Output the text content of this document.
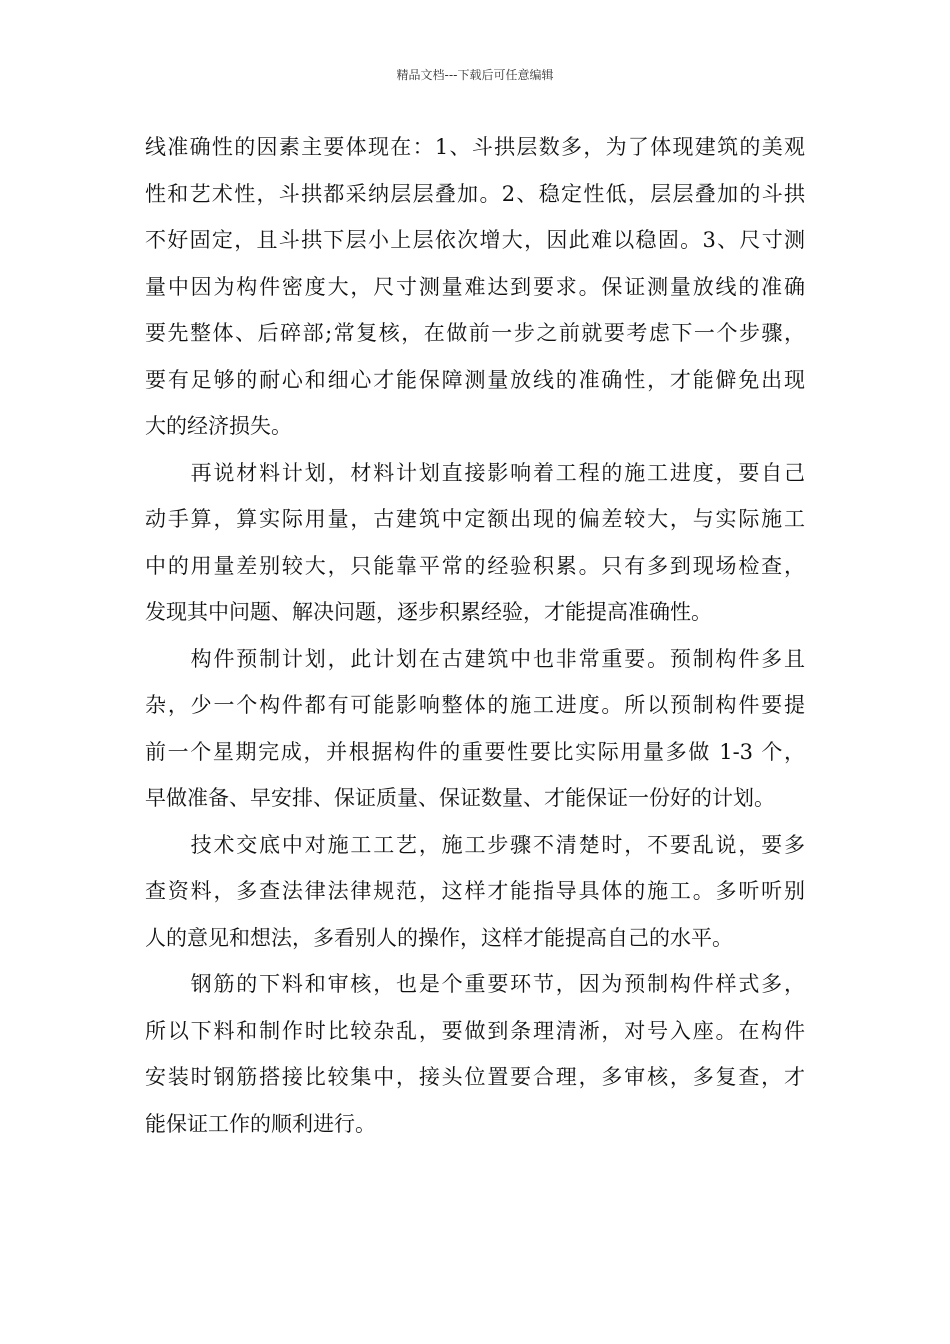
精品文档---下载后可任意编辑
线准确性的因素主要体现在：1、斗拱层数多，为了体现建筑的美观
性和艺术性，斗拱都采纳层层叠加。2、稳定性低，层层叠加的斗拱
不好固定，且斗拱下层小上层依次增大，因此难以稳固。3、尺寸测
量中因为构件密度大，尺寸测量难达到要求。保证测量放线的准确
要先整体、后碎部;常复核，在做前一步之前就要考虑下一个步骤，
要有足够的耐心和细心才能保障测量放线的准确性，才能僻免出现
大的经济损失。
　　再说材料计划，材料计划直接影响着工程的施工进度，要自己
动手算，算实际用量，古建筑中定额出现的偏差较大，与实际施工
中的用量差别较大，只能靠平常的经验积累。只有多到现场检查，
发现其中问题、解决问题，逐步积累经验，才能提高准确性。
　　构件预制计划，此计划在古建筑中也非常重要。预制构件多且
杂，少一个构件都有可能影响整体的施工进度。所以预制构件要提
前一个星期完成，并根据构件的重要性要比实际用量多做 1-3 个，
早做准备、早安排、保证质量、保证数量、才能保证一份好的计划。
　　技术交底中对施工工艺，施工步骤不清楚时，不要乱说，要多
查资料，多查法律法律规范，这样才能指导具体的施工。多听听别
人的意见和想法，多看别人的操作，这样才能提高自己的水平。
　　钢筋的下料和审核，也是个重要环节，因为预制构件样式多，
所以下料和制作时比较杂乱，要做到条理清淅，对号入座。在构件
安装时钢筋搭接比较集中，接头位置要合理，多审核，多复查，才
能保证工作的顺利进行。
